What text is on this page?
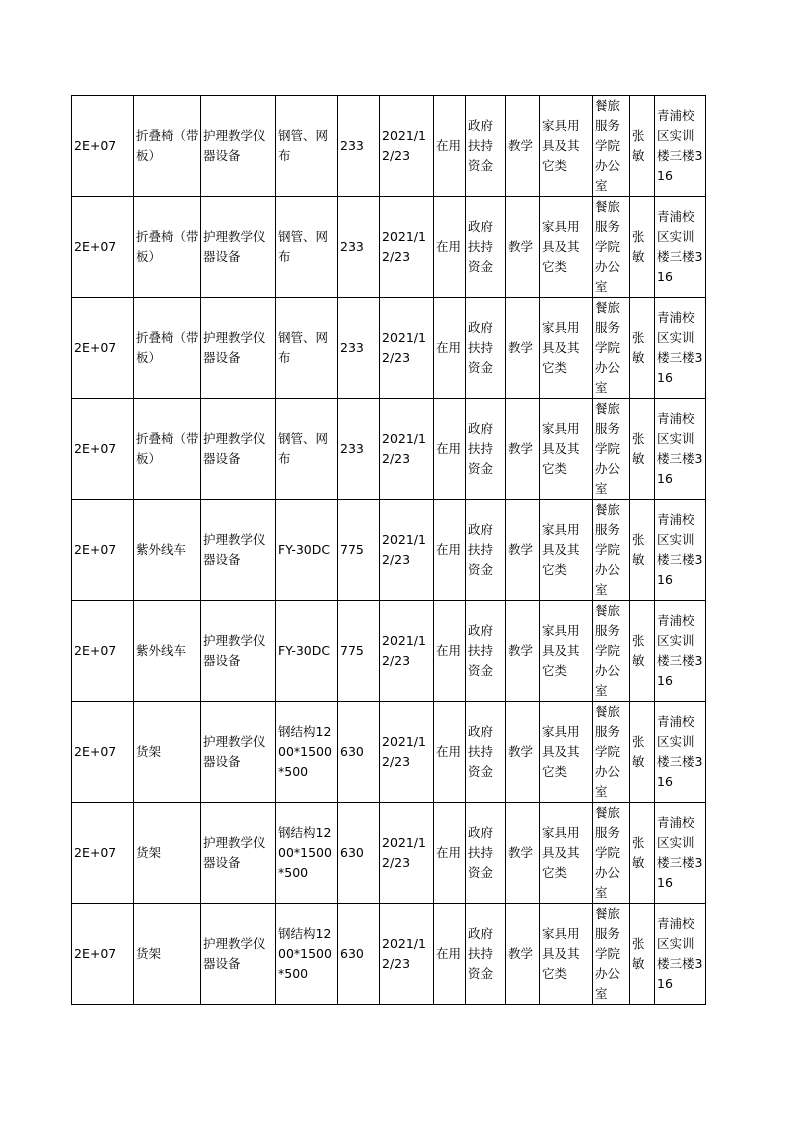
2E+07	折叠椅（带板）	护理教学仪器设备	钢管、网布	233	2021/12/23	在用	政府扶持资金	教学	家具用具及其它类	餐旅服务学院办公室	张敏	青浦校区实训楼三楼316
2E+07	折叠椅（带板）	护理教学仪器设备	钢管、网布	233	2021/12/23	在用	政府扶持资金	教学	家具用具及其它类	餐旅服务学院办公室	张敏	青浦校区实训楼三楼316
2E+07	折叠椅（带板）	护理教学仪器设备	钢管、网布	233	2021/12/23	在用	政府扶持资金	教学	家具用具及其它类	餐旅服务学院办公室	张敏	青浦校区实训楼三楼316
2E+07	折叠椅（带板）	护理教学仪器设备	钢管、网布	233	2021/12/23	在用	政府扶持资金	教学	家具用具及其它类	餐旅服务学院办公室	张敏	青浦校区实训楼三楼316
2E+07	紫外线车	护理教学仪器设备	FY-30DC	775	2021/12/23	在用	政府扶持资金	教学	家具用具及其它类	餐旅服务学院办公室	张敏	青浦校区实训楼三楼316
2E+07	紫外线车	护理教学仪器设备	FY-30DC	775	2021/12/23	在用	政府扶持资金	教学	家具用具及其它类	餐旅服务学院办公室	张敏	青浦校区实训楼三楼316
2E+07	货架	护理教学仪器设备	钢结构1200*1500*500	630	2021/12/23	在用	政府扶持资金	教学	家具用具及其它类	餐旅服务学院办公室	张敏	青浦校区实训楼三楼316
2E+07	货架	护理教学仪器设备	钢结构1200*1500*500	630	2021/12/23	在用	政府扶持资金	教学	家具用具及其它类	餐旅服务学院办公室	张敏	青浦校区实训楼三楼316
2E+07	货架	护理教学仪器设备	钢结构1200*1500*500	630	2021/12/23	在用	政府扶持资金	教学	家具用具及其它类	餐旅服务学院办公室	张敏	青浦校区实训楼三楼316
